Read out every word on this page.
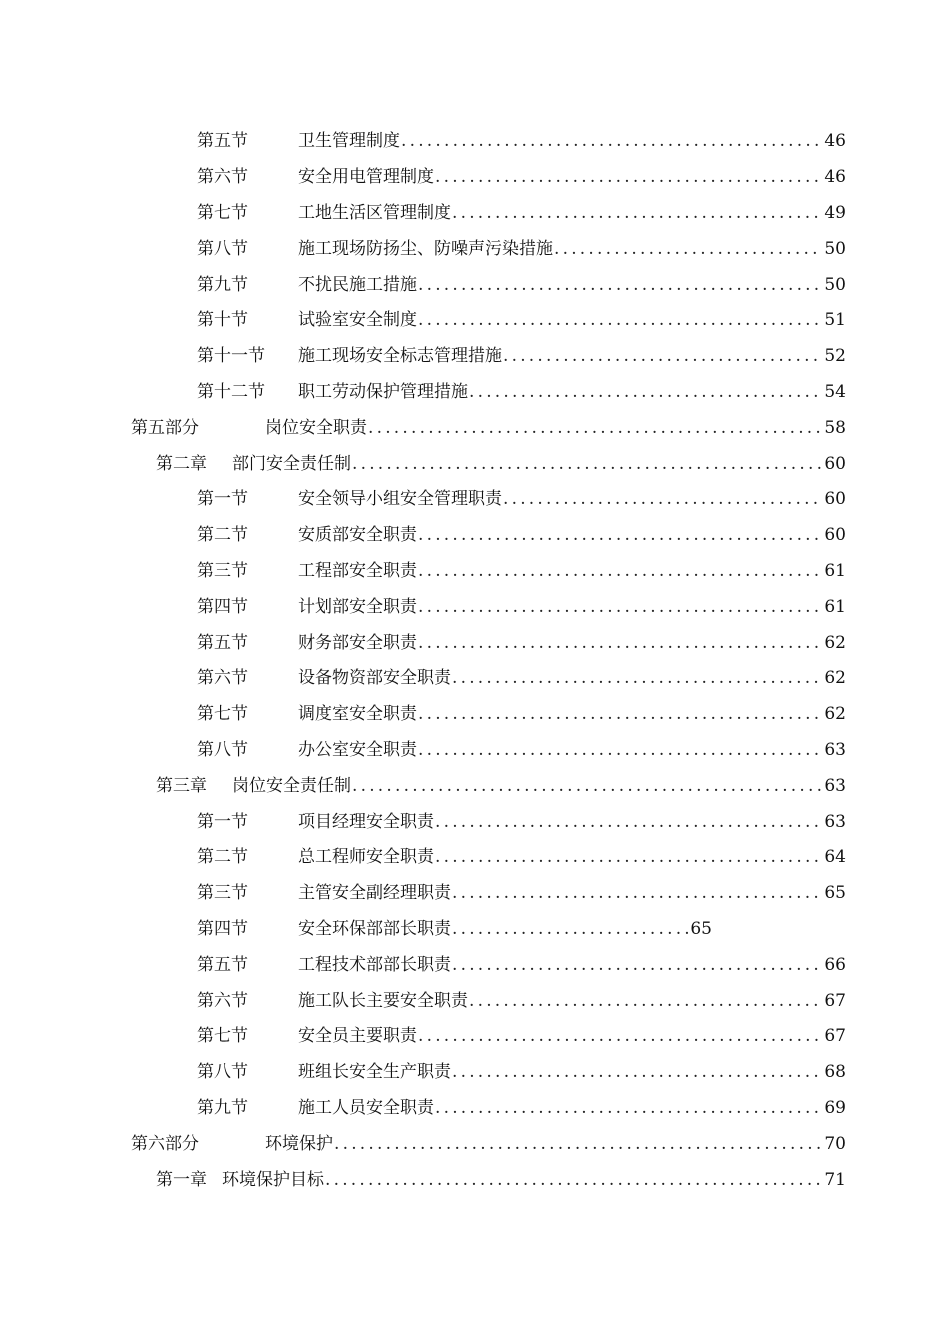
第五节	卫生管理制度 .....	46
第六节	安全用电管理制度 .....	46
第七节	工地生活区管理制度 .....	49
第八节	施工现场防扬尘、防噪声污染措施 .....	50
第九节	不扰民施工措施 .....	50
第十节	试验室安全制度 .....	51
第十一节 施工现场安全标志管理措施 .....	52
第十二节 职工劳动保护管理措施 .....	54
第五部分	岗位安全职责 .....	58
第二章 部门安全责任制 .....	60
第一节	安全领导小组安全管理职责 .....	60
第二节	安质部安全职责 .....	60
第三节	工程部安全职责 .....	61
第四节	计划部安全职责 .....	61
第五节	财务部安全职责 .....	62
第六节	设备物资部安全职责 .....	62
第七节	调度室安全职责 .....	62
第八节	办公室安全职责 .....	63
第三章 岗位安全责任制 .....	63
第一节	项目经理安全职责 .....	63
第二节	总工程师安全职责 .....	64
第三节	主管安全副经理职责 .....	65
第四节	安全环保部部长职责 .....	65
第五节	工程技术部部长职责 .....	66
第六节	施工队长主要安全职责 .....	67
第七节	安全员主要职责 .....	67
第八节	班组长安全生产职责 .....	68
第九节	施工人员安全职责 .....	69
第六部分	环境保护 .....	70
第一章 环境保护目标 .....	71
